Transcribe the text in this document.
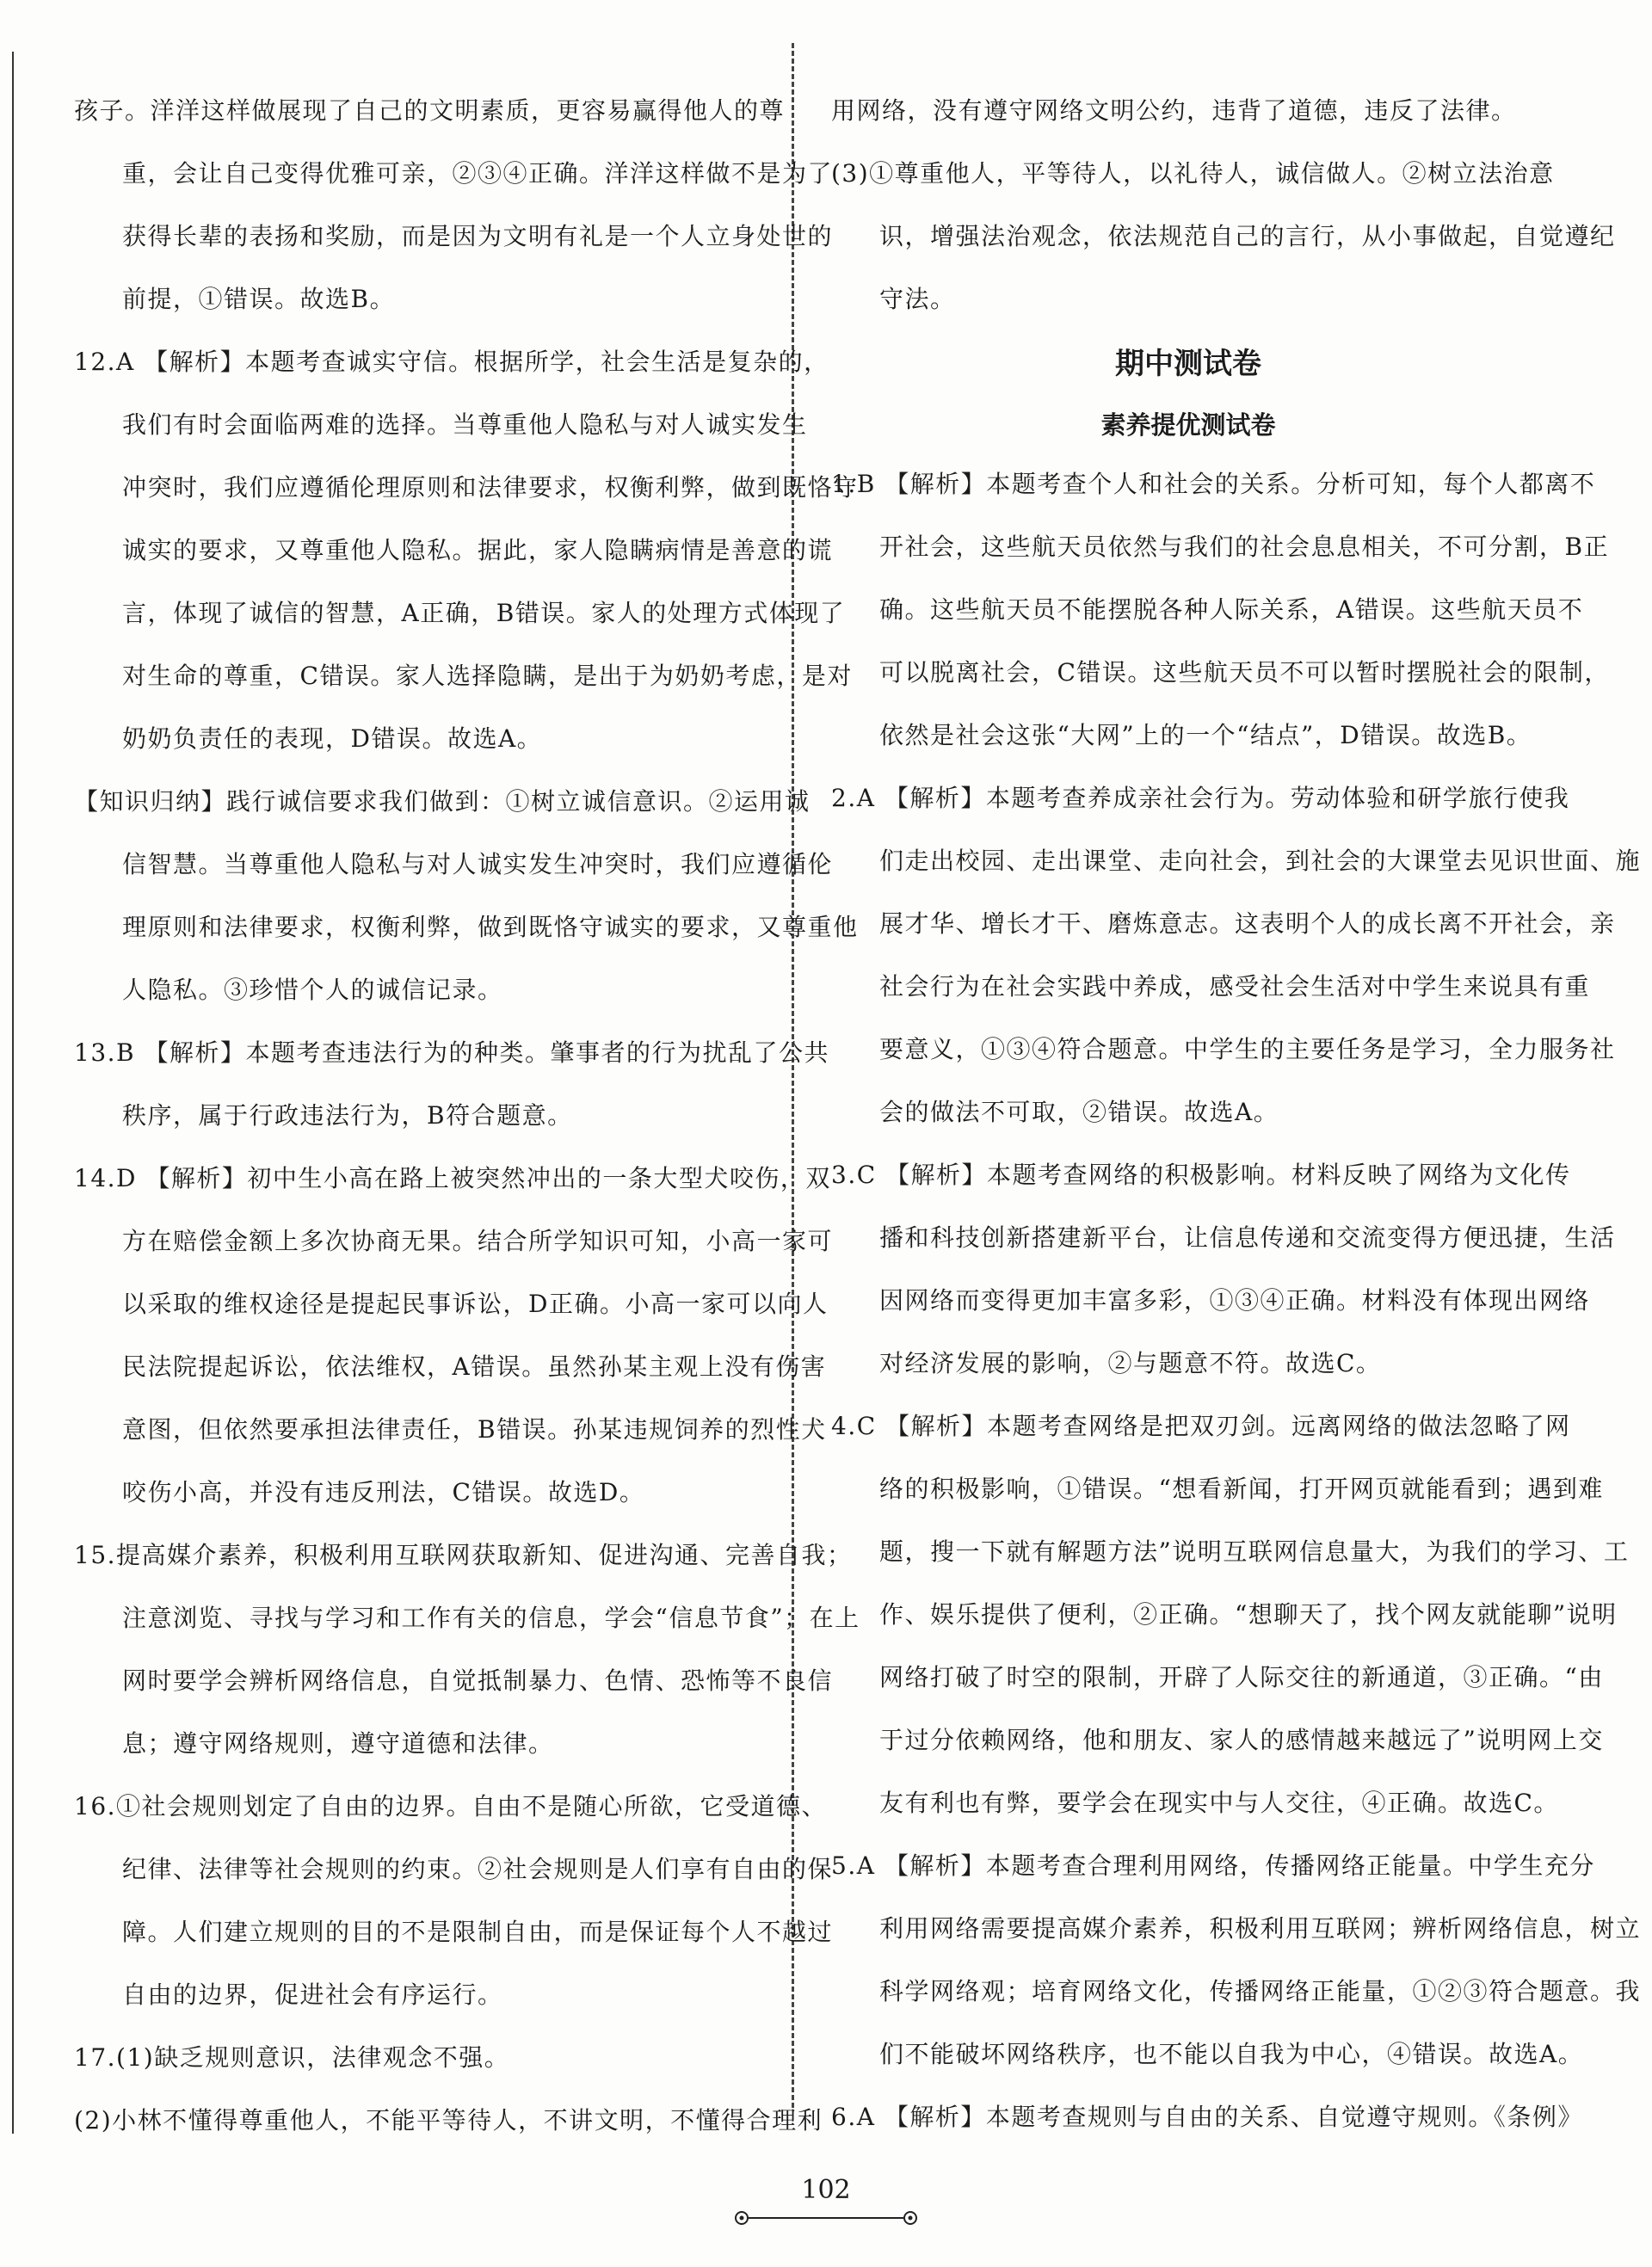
孩子。洋洋这样做展现了自己的文明素质，更容易赢得他人的尊
重，会让自己变得优雅可亲，②③④正确。洋洋这样做不是为了
获得长辈的表扬和奖励，而是因为文明有礼是一个人立身处世的
前提，①错误。故选B。
12.A 【解析】本题考查诚实守信。根据所学，社会生活是复杂的，
我们有时会面临两难的选择。当尊重他人隐私与对人诚实发生
冲突时，我们应遵循伦理原则和法律要求，权衡利弊，做到既恪守
诚实的要求，又尊重他人隐私。据此，家人隐瞒病情是善意的谎
言，体现了诚信的智慧，A正确，B错误。家人的处理方式体现了
对生命的尊重，C错误。家人选择隐瞒，是出于为奶奶考虑，是对
奶奶负责任的表现，D错误。故选A。
【知识归纳】践行诚信要求我们做到：①树立诚信意识。②运用诚
信智慧。当尊重他人隐私与对人诚实发生冲突时，我们应遵循伦
理原则和法律要求，权衡利弊，做到既恪守诚实的要求，又尊重他
人隐私。③珍惜个人的诚信记录。
13.B 【解析】本题考查违法行为的种类。肇事者的行为扰乱了公共
秩序，属于行政违法行为，B符合题意。
14.D 【解析】初中生小高在路上被突然冲出的一条大型犬咬伤，双
方在赔偿金额上多次协商无果。结合所学知识可知，小高一家可
以采取的维权途径是提起民事诉讼，D正确。小高一家可以向人
民法院提起诉讼，依法维权，A错误。虽然孙某主观上没有伤害
意图，但依然要承担法律责任，B错误。孙某违规饲养的烈性犬
咬伤小高，并没有违反刑法，C错误。故选D。
15.提高媒介素养，积极利用互联网获取新知、促进沟通、完善自我；
注意浏览、寻找与学习和工作有关的信息，学会“信息节食”；在上
网时要学会辨析网络信息，自觉抵制暴力、色情、恐怖等不良信
息；遵守网络规则，遵守道德和法律。
16.①社会规则划定了自由的边界。自由不是随心所欲，它受道德、
纪律、法律等社会规则的约束。②社会规则是人们享有自由的保
障。人们建立规则的目的不是限制自由，而是保证每个人不越过
自由的边界，促进社会有序运行。
17.(1)缺乏规则意识，法律观念不强。
(2)小林不懂得尊重他人，不能平等待人，不讲文明，不懂得合理利
用网络，没有遵守网络文明公约，违背了道德，违反了法律。
(3)①尊重他人，平等待人，以礼待人，诚信做人。②树立法治意
识，增强法治观念，依法规范自己的言行，从小事做起，自觉遵纪
守法。
期中测试卷
素养提优测试卷
1.B 【解析】本题考查个人和社会的关系。分析可知，每个人都离不
开社会，这些航天员依然与我们的社会息息相关，不可分割，B正
确。这些航天员不能摆脱各种人际关系，A错误。这些航天员不
可以脱离社会，C错误。这些航天员不可以暂时摆脱社会的限制，
依然是社会这张“大网”上的一个“结点”，D错误。故选B。
2.A 【解析】本题考查养成亲社会行为。劳动体验和研学旅行使我
们走出校园、走出课堂、走向社会，到社会的大课堂去见识世面、施
展才华、增长才干、磨炼意志。这表明个人的成长离不开社会，亲
社会行为在社会实践中养成，感受社会生活对中学生来说具有重
要意义，①③④符合题意。中学生的主要任务是学习，全力服务社
会的做法不可取，②错误。故选A。
3.C 【解析】本题考查网络的积极影响。材料反映了网络为文化传
播和科技创新搭建新平台，让信息传递和交流变得方便迅捷，生活
因网络而变得更加丰富多彩，①③④正确。材料没有体现出网络
对经济发展的影响，②与题意不符。故选C。
4.C 【解析】本题考查网络是把双刃剑。远离网络的做法忽略了网
络的积极影响，①错误。“想看新闻，打开网页就能看到；遇到难
题，搜一下就有解题方法”说明互联网信息量大，为我们的学习、工
作、娱乐提供了便利，②正确。“想聊天了，找个网友就能聊”说明
网络打破了时空的限制，开辟了人际交往的新通道，③正确。“由
于过分依赖网络，他和朋友、家人的感情越来越远了”说明网上交
友有利也有弊，要学会在现实中与人交往，④正确。故选C。
5.A 【解析】本题考查合理利用网络，传播网络正能量。中学生充分
利用网络需要提高媒介素养，积极利用互联网；辨析网络信息，树立
科学网络观；培育网络文化，传播网络正能量，①②③符合题意。我
们不能破坏网络秩序，也不能以自我为中心，④错误。故选A。
6.A 【解析】本题考查规则与自由的关系、自觉遵守规则。《条例》
102
